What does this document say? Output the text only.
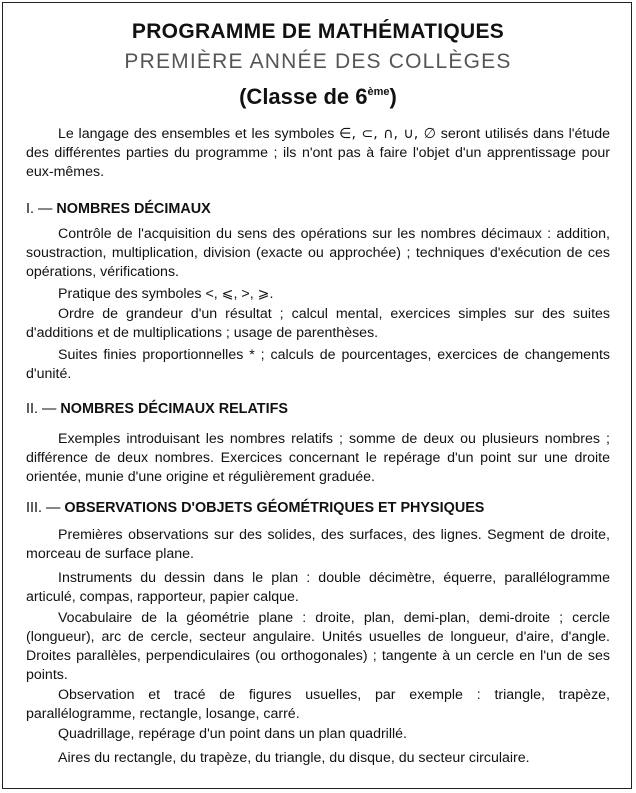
PROGRAMME DE MATHÉMATIQUES
PREMIÈRE ANNÉE DES COLLÈGES
(Classe de 6ème)

Le langage des ensembles et les symboles ∈, ⊂, ∩, ∪, ∅ seront utilisés dans l'étude des différentes parties du programme ; ils n'ont pas à faire l'objet d'un apprentissage pour eux-mêmes.

I. — NOMBRES DÉCIMAUX

Contrôle de l'acquisition du sens des opérations sur les nombres décimaux : addition, soustraction, multiplication, division (exacte ou approchée) ; techniques d'exécution de ces opérations, vérifications.

Pratique des symboles <, ⩽, >, ⩾.

Ordre de grandeur d'un résultat ; calcul mental, exercices simples sur des suites d'additions et de multiplications ; usage de parenthèses.

Suites finies proportionnelles * ; calculs de pourcentages, exercices de changements d'unité.

II. — NOMBRES DÉCIMAUX RELATIFS

Exemples introduisant les nombres relatifs ; somme de deux ou plusieurs nombres ; différence de deux nombres. Exercices concernant le repérage d'un point sur une droite orientée, munie d'une origine et régulièrement graduée.

III. — OBSERVATIONS D'OBJETS GÉOMÉTRIQUES ET PHYSIQUES

Premières observations sur des solides, des surfaces, des lignes. Segment de droite, morceau de surface plane.

Instruments du dessin dans le plan : double décimètre, équerre, parallélogramme articulé, compas, rapporteur, papier calque.

Vocabulaire de la géométrie plane : droite, plan, demi-plan, demi-droite ; cercle (longueur), arc de cercle, secteur angulaire. Unités usuelles de longueur, d'aire, d'angle. Droites parallèles, perpendiculaires (ou orthogonales) ; tangente à un cercle en l'un de ses points.

Observation et tracé de figures usuelles, par exemple : triangle, trapèze, parallélogramme, rectangle, losange, carré.

Quadrillage, repérage d'un point dans un plan quadrillé.

Aires du rectangle, du trapèze, du triangle, du disque, du secteur circulaire.
